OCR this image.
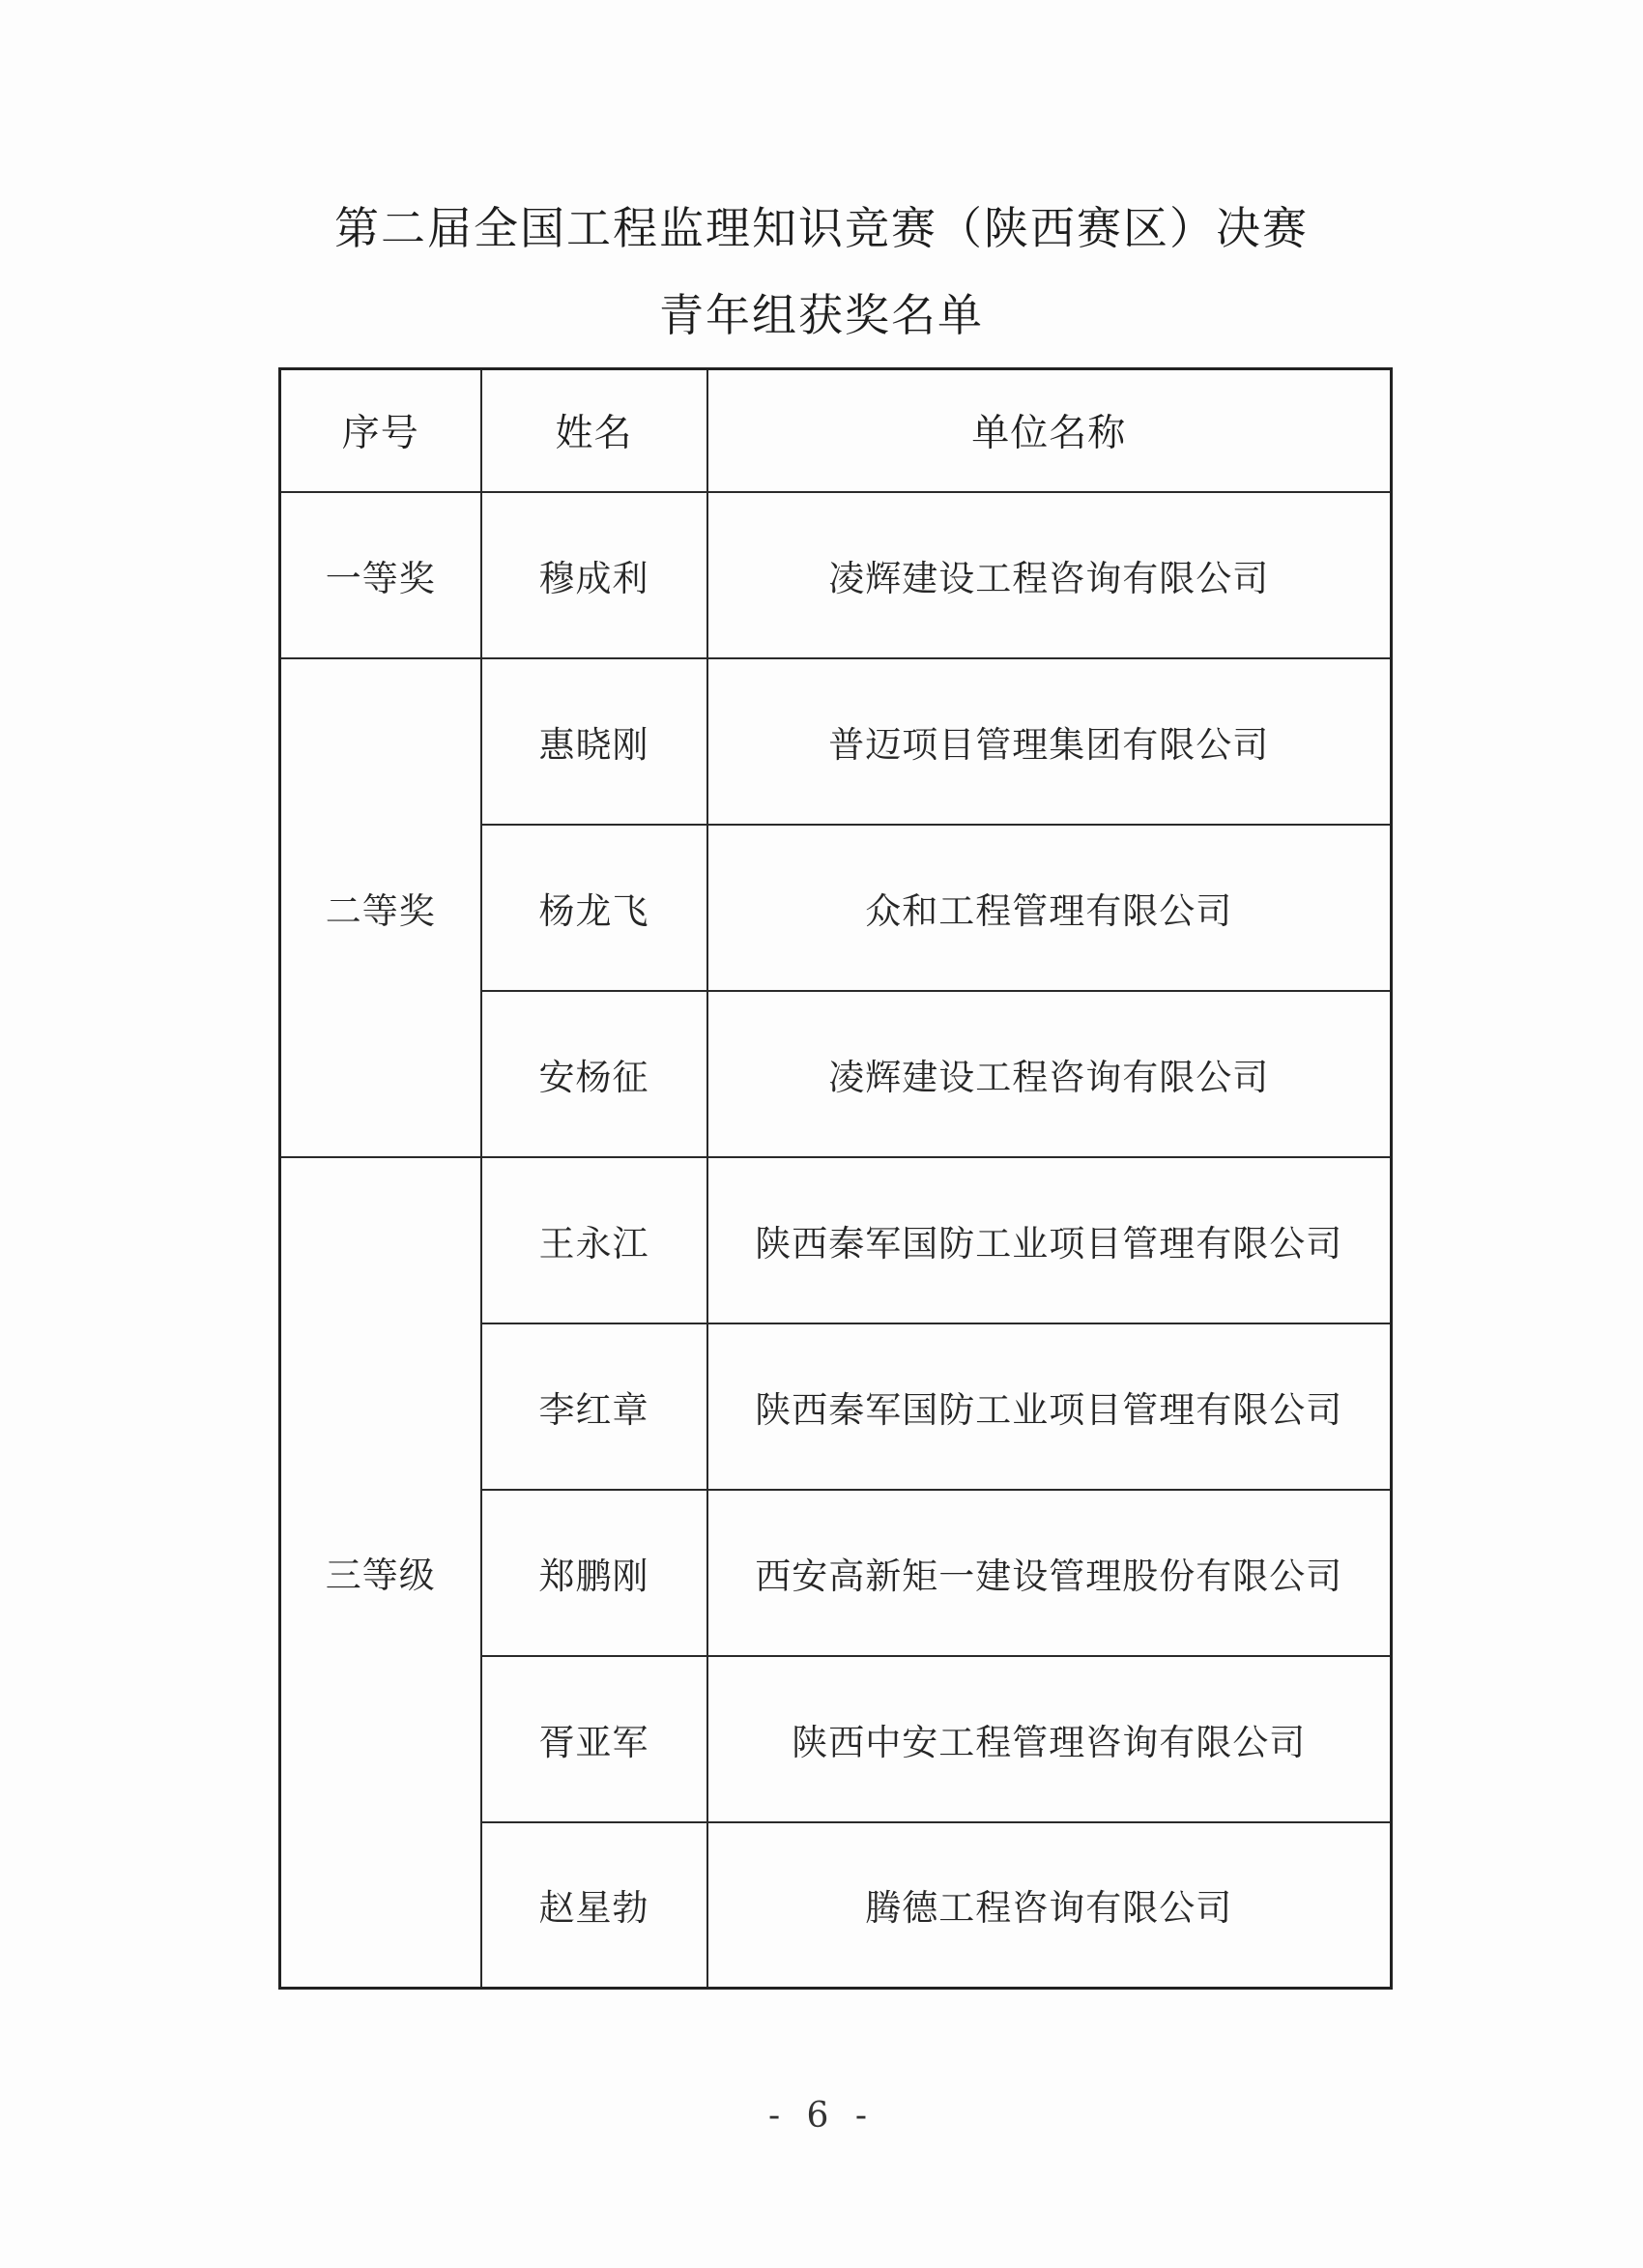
第二届全国工程监理知识竞赛（陕西赛区）决赛
青年组获奖名单
序号	姓名	单位名称
一等奖	穆成利	凌辉建设工程咨询有限公司
二等奖	惠晓刚	普迈项目管理集团有限公司
	杨龙飞	众和工程管理有限公司
	安杨征	凌辉建设工程咨询有限公司
三等级	王永江	陕西秦军国防工业项目管理有限公司
	李红章	陕西秦军国防工业项目管理有限公司
	郑鹏刚	西安高新矩一建设管理股份有限公司
	胥亚军	陕西中安工程管理咨询有限公司
	赵星勃	腾德工程咨询有限公司
- 6 -
